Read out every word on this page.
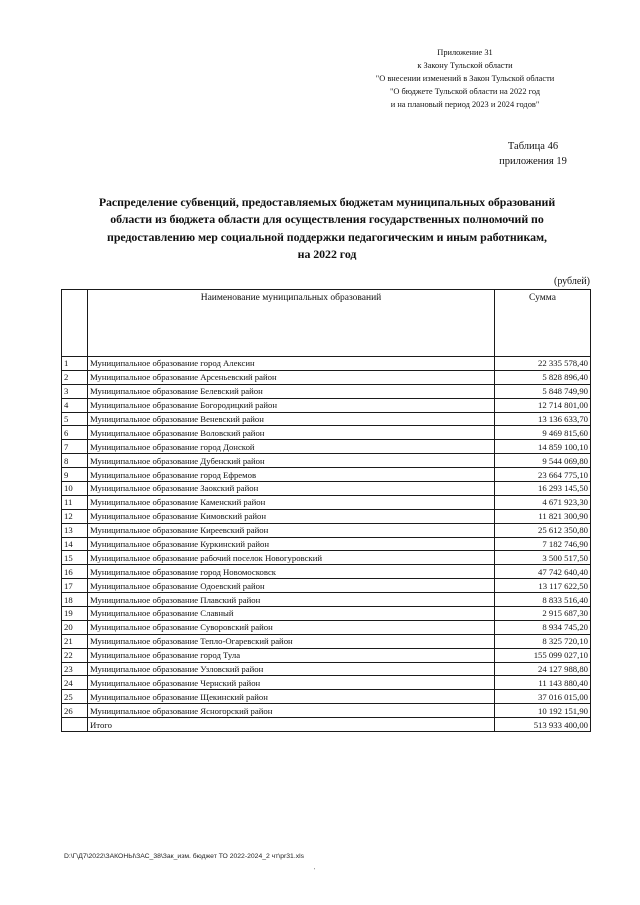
Приложение 31
к Закону Тульской области
"О внесении изменений в Закон Тульской области
"О бюджете Тульской области на 2022 год
и на плановый период 2023 и 2024 годов"
Таблица 46
приложения 19
Распределение субвенций, предоставляемых бюджетам муниципальных образований
области из бюджета области для осуществления государственных полномочий по
предоставлению мер социальной поддержки педагогическим и иным работникам,
на 2022 год
(рублей)
	Наименование муниципальных образований	Сумма
1	Муниципальное образование город Алексин	22 335 578,40
2	Муниципальное образование Арсеньевский район	5 828 896,40
3	Муниципальное образование Белевский район	5 848 749,90
4	Муниципальное образование Богородицкий район	12 714 801,00
5	Муниципальное образование Веневский район	13 136 633,70
6	Муниципальное образование Воловский район	9 469 815,60
7	Муниципальное образование город Донской	14 859 100,10
8	Муниципальное образование Дубенский район	9 544 069,80
9	Муниципальное образование город Ефремов	23 664 775,10
10	Муниципальное образование Заокский район	16 293 145,50
11	Муниципальное образование Каменский район	4 671 923,30
12	Муниципальное образование Кимовский район	11 821 300,90
13	Муниципальное образование Киреевский район	25 612 350,80
14	Муниципальное образование Куркинский район	7 182 746,90
15	Муниципальное образование рабочий поселок Новогуровский	3 500 517,50
16	Муниципальное образование город Новомосковск	47 742 640,40
17	Муниципальное образование Одоевский район	13 117 622,50
18	Муниципальное образование Плавский район	8 833 516,40
19	Муниципальное образование Славный	2 915 687,30
20	Муниципальное образование Суворовский район	8 934 745,20
21	Муниципальное образование Тепло-Огаревский район	8 325 720,10
22	Муниципальное образование город Тула	155 099 027,10
23	Муниципальное образование Узловский район	24 127 988,80
24	Муниципальное образование Чернский район	11 143 880,40
25	Муниципальное образование Щекинский район	37 016 015,00
26	Муниципальное образование Ясногорский район	10 192 151,90
	Итого	513 933 400,00
D:\Г\Д7\2022\ЗАКОНЫ\ЗАС_38\Зак_изм. бюджет ТО 2022-2024_2 чт\pr31.xls
'
